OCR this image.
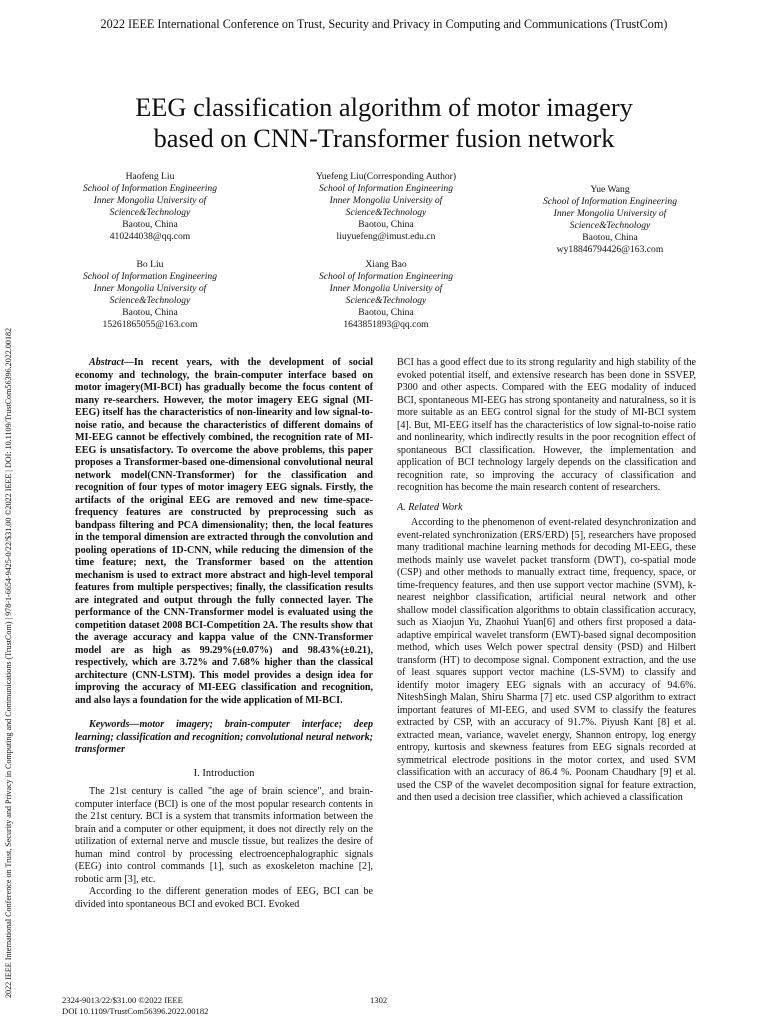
2022 IEEE International Conference on Trust, Security and Privacy in Computing and Communications (TrustCom)
2022 IEEE International Conference on Trust, Security and Privacy in Computing and Communications (TrustCom) | 978-1-6654-9425-0/22/$31.00 ©2022 IEEE | DOI: 10.1109/TrustCom56396.2022.00182
EEG classification algorithm of motor imagery
based on CNN-Transformer fusion network
Haofeng Liu
School of Information Engineering
Inner Mongolia University of
Science&Technology
Baotou, China
410244038@qq.com
Yuefeng Liu(Corresponding Author)
School of Information Engineering
Inner Mongolia University of
Science&Technology
Baotou, China
liuyuefeng@imust.edu.cn
Yue Wang
School of Information Engineering
Inner Mongolia University of
Science&Technology
Baotou, China
wy18846794426@163.com
Bo Liu
School of Information Engineering
Inner Mongolia University of
Science&Technology
Baotou, China
15261865055@163.com
Xiang Bao
School of Information Engineering
Inner Mongolia University of
Science&Technology
Baotou, China
1643851893@qq.com
Abstract—In recent years, with the development of social economy and technology, the brain-computer interface based on motor imagery(MI-BCI) has gradually become the focus content of many re-searchers. However, the motor imagery EEG signal (MI-EEG) itself has the characteristics of non-linearity and low signal-to-noise ratio, and because the characteristics of different domains of MI-EEG cannot be effectively combined, the recognition rate of MI-EEG is unsatisfactory. To overcome the above problems, this paper proposes a Transformer-based one-dimensional convolutional neural network model(CNN-Transformer) for the classification and recognition of four types of motor imagery EEG signals. Firstly, the artifacts of the original EEG are removed and new time-space-frequency features are constructed by preprocessing such as bandpass filtering and PCA dimensionality; then, the local features in the temporal dimension are extracted through the convolution and pooling operations of 1D-CNN, while reducing the dimension of the time feature; next, the Transformer based on the attention mechanism is used to extract more abstract and high-level temporal features from multiple perspectives; finally, the classification results are integrated and output through the fully connected layer. The performance of the CNN-Transformer model is evaluated using the competition dataset 2008 BCI-Competition 2A. The results show that the average accuracy and kappa value of the CNN-Transformer model are as high as 99.29%(±0.07%) and 98.43%(±0.21), respectively, which are 3.72% and 7.68% higher than the classical architecture (CNN-LSTM). This model provides a design idea for improving the accuracy of MI-EEG classification and recognition, and also lays a foundation for the wide application of MI-BCI.
Keywords—motor imagery; brain-computer interface; deep learning; classification and recognition; convolutional neural network; transformer
I. Introduction

The 21st century is called "the age of brain science", and brain-computer interface (BCI) is one of the most popular research contents in the 21st century. BCI is a system that transmits information between the brain and a computer or other equipment, it does not directly rely on the utilization of external nerve and muscle tissue, but realizes the desire of human mind control by processing electroencephalographic signals (EEG) into control commands [1], such as exoskeleton machine [2], robotic arm [3], etc.

According to the different generation modes of EEG, BCI can be divided into spontaneous BCI and evoked BCI. Evoked

BCI has a good effect due to its strong regularity and high stability of the evoked potential itself, and extensive research has been done in SSVEP, P300 and other aspects. Compared with the EEG modality of induced BCI, spontaneous MI-EEG has strong spontaneity and naturalness, so it is more suitable as an EEG control signal for the study of MI-BCI system [4]. But, MI-EEG itself has the characteristics of low signal-to-noise ratio and nonlinearity, which indirectly results in the poor recognition effect of spontaneous BCI classification. However, the implementation and application of BCI technology largely depends on the classification and recognition rate, so improving the accuracy of classification and recognition has become the main research content of researchers.

A. Related Work

According to the phenomenon of event-related desynchronization and event-related synchronization (ERS/ERD) [5], researchers have proposed many traditional machine learning methods for decoding MI-EEG, these methods mainly use wavelet packet transform (DWT), co-spatial mode (CSP) and other methods to manually extract time, frequency, space, or time-frequency features, and then use support vector machine (SVM), k-nearest neighbor classification, artificial neural network and other shallow model classification algorithms to obtain classification accuracy, such as Xiaojun Yu, Zhaohui Yuan[6] and others first proposed a data-adaptive empirical wavelet transform (EWT)-based signal decomposition method, which uses Welch power spectral density (PSD) and Hilbert transform (HT) to decompose signal. Component extraction, and the use of least squares support vector machine (LS-SVM) to classify and identify motor imagery EEG signals with an accuracy of 94.6%. NiteshSingh Malan, Shiru Sharma [7] etc. used CSP algorithm to extract important features of MI-EEG, and used SVM to classify the features extracted by CSP, with an accuracy of 91.7%. Piyush Kant [8] et al. extracted mean, variance, wavelet energy, Shannon entropy, log energy entropy, kurtosis and skewness features from EEG signals recorded at symmetrical electrode positions in the motor cortex, and used SVM classification with an accuracy of 86.4 %. Poonam Chaudhary [9] et al. used the CSP of the wavelet decomposition signal for feature extraction, and then used a decision tree classifier, which achieved a classification

2324-9013/22/$31.00 ©2022 IEEE
DOI 10.1109/TrustCom56396.2022.00182
1302
